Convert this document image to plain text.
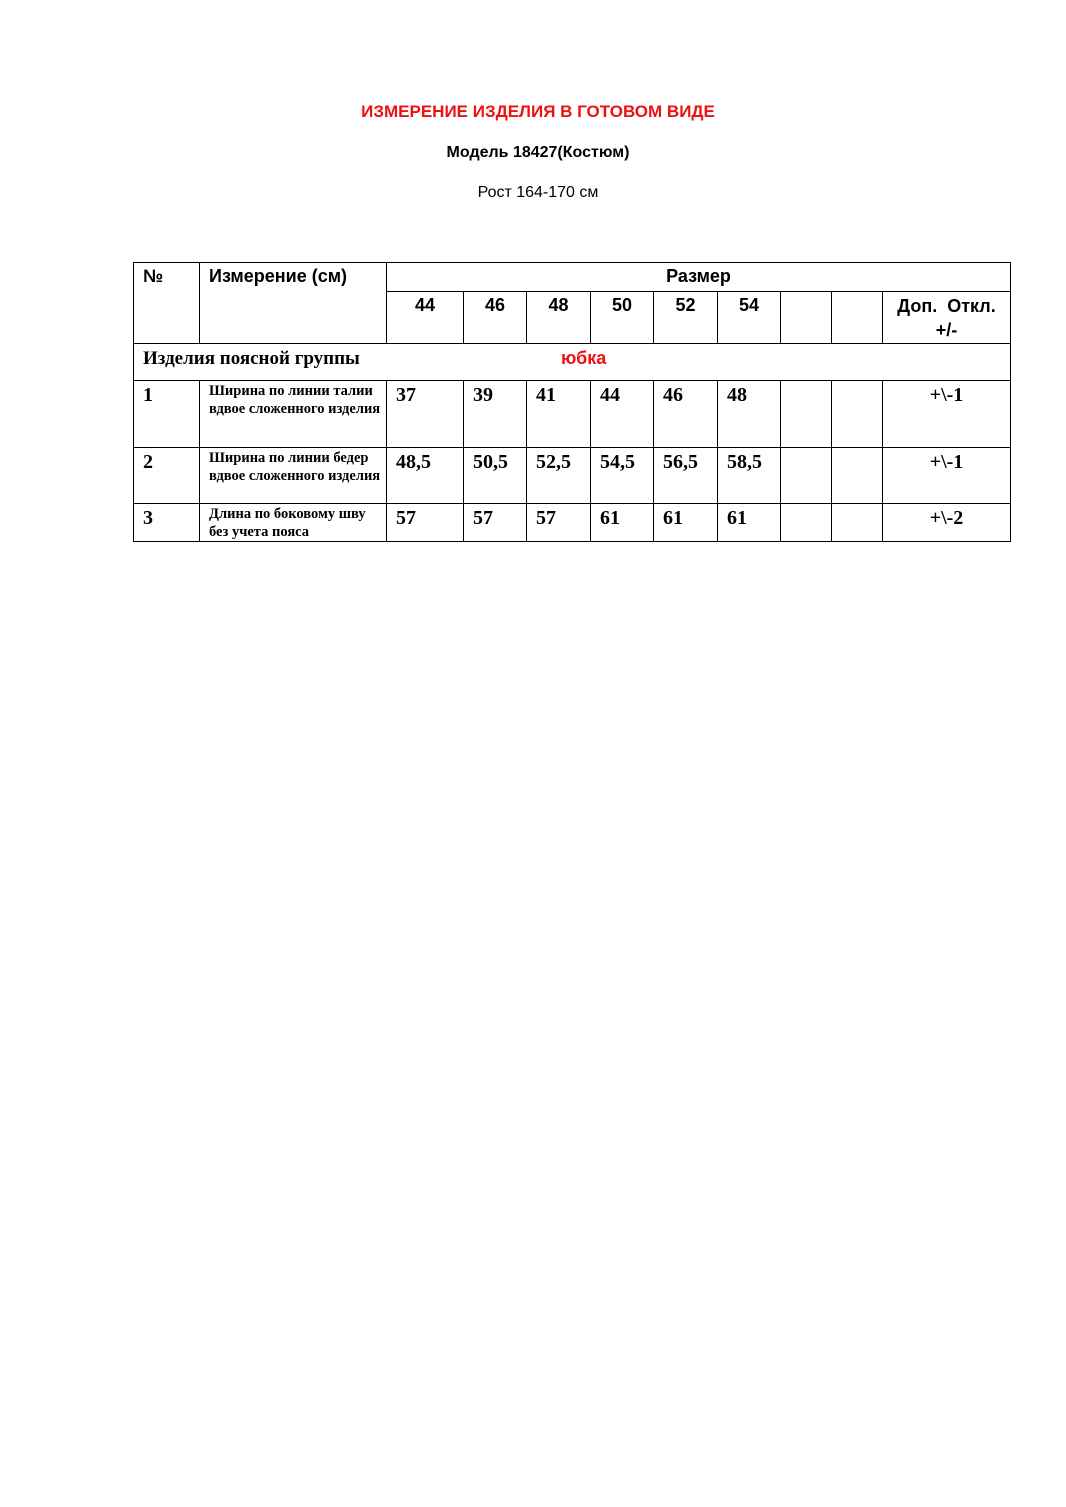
ИЗМЕРЕНИЕ ИЗДЕЛИЯ В ГОТОВОМ ВИДЕ
Модель 18427(Костюм)
Рост 164-170 см
№	Измерение (см)	Размер								
		44	46	48	50	52	54			Доп.  Откл.
+/-

Изделия поясной группы юбка										

1	Ширина по линии талии вдвое сложенного изделия	37	39	41	44	46	48			+\-1
2	Ширина по линии бедер вдвое сложенного изделия	48,5	50,5	52,5	54,5	56,5	58,5			+\-1
3	Длина по боковому шву без учета пояса	57	57	57	61	61	61			+\-2
